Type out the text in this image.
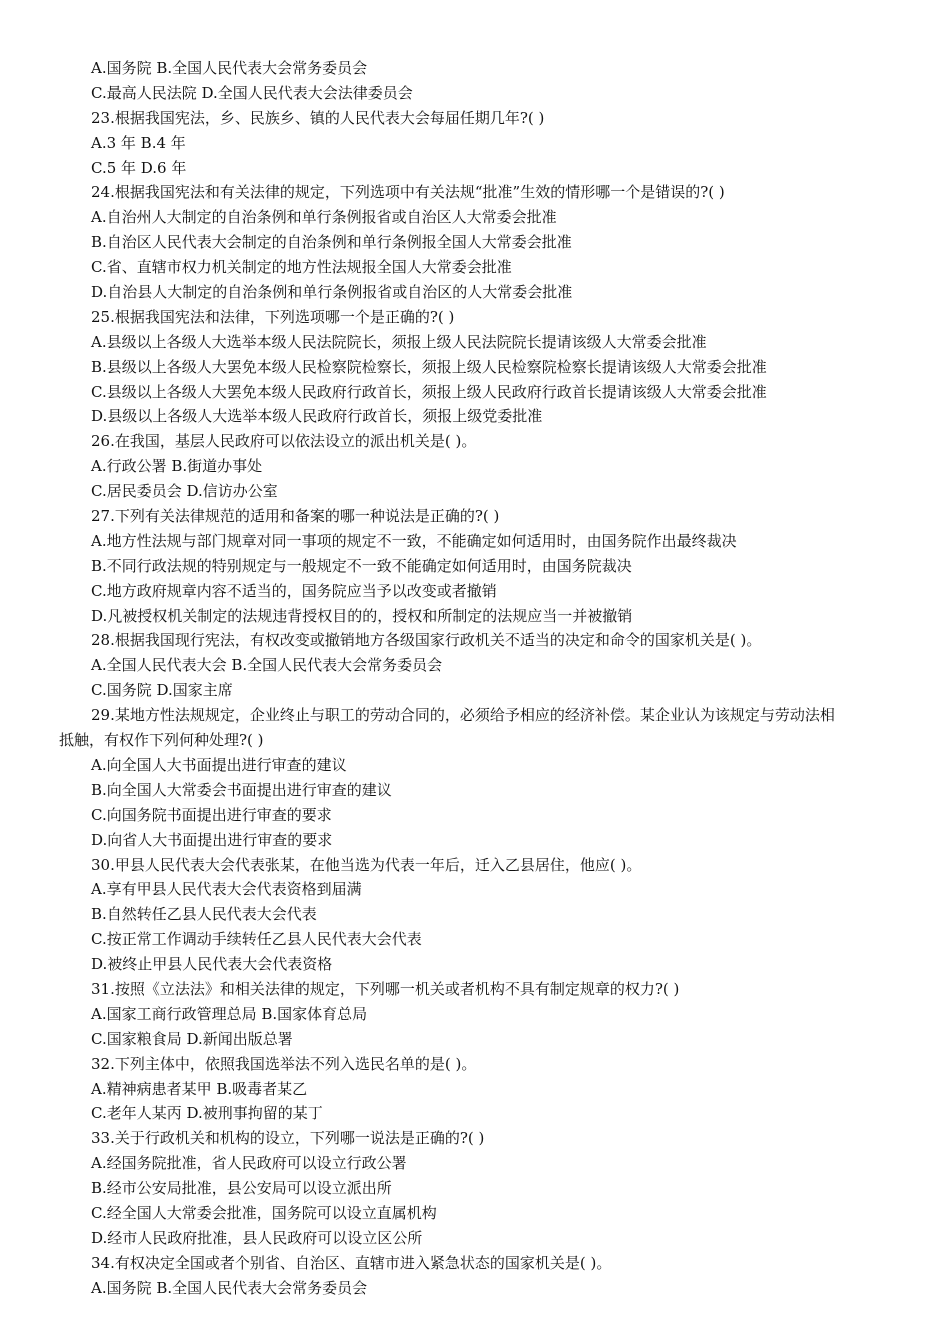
A.国务院 B.全国人民代表大会常务委员会
C.最高人民法院 D.全国人民代表大会法律委员会
23.根据我国宪法，乡、民族乡、镇的人民代表大会每届任期几年?( )
A.3 年 B.4 年
C.5 年 D.6 年
24.根据我国宪法和有关法律的规定，下列选项中有关法规“批准”生效的情形哪一个是错误的?( )
A.自治州人大制定的自治条例和单行条例报省或自治区人大常委会批准
B.自治区人民代表大会制定的自治条例和单行条例报全国人大常委会批准
C.省、直辖市权力机关制定的地方性法规报全国人大常委会批准
D.自治县人大制定的自治条例和单行条例报省或自治区的人大常委会批准
25.根据我国宪法和法律，下列选项哪一个是正确的?( )
A.县级以上各级人大选举本级人民法院院长，须报上级人民法院院长提请该级人大常委会批准
B.县级以上各级人大罢免本级人民检察院检察长，须报上级人民检察院检察长提请该级人大常委会批准
C.县级以上各级人大罢免本级人民政府行政首长，须报上级人民政府行政首长提请该级人大常委会批准
D.县级以上各级人大选举本级人民政府行政首长，须报上级党委批准
26.在我国，基层人民政府可以依法设立的派出机关是( )。
A.行政公署 B.街道办事处
C.居民委员会 D.信访办公室
27.下列有关法律规范的适用和备案的哪一种说法是正确的?( )
A.地方性法规与部门规章对同一事项的规定不一致，不能确定如何适用时，由国务院作出最终裁决
B.不同行政法规的特别规定与一般规定不一致不能确定如何适用时，由国务院裁决
C.地方政府规章内容不适当的，国务院应当予以改变或者撤销
D.凡被授权机关制定的法规违背授权目的的，授权和所制定的法规应当一并被撤销
28.根据我国现行宪法，有权改变或撤销地方各级国家行政机关不适当的决定和命令的国家机关是( )。
A.全国人民代表大会 B.全国人民代表大会常务委员会
C.国务院 D.国家主席
29.某地方性法规规定，企业终止与职工的劳动合同的，必须给予相应的经济补偿。某企业认为该规定与劳动法相
抵触，有权作下列何种处理?( )
A.向全国人大书面提出进行审查的建议
B.向全国人大常委会书面提出进行审查的建议
C.向国务院书面提出进行审查的要求
D.向省人大书面提出进行审查的要求
30.甲县人民代表大会代表张某，在他当选为代表一年后，迁入乙县居住，他应( )。
A.享有甲县人民代表大会代表资格到届满
B.自然转任乙县人民代表大会代表
C.按正常工作调动手续转任乙县人民代表大会代表
D.被终止甲县人民代表大会代表资格
31.按照《立法法》和相关法律的规定，下列哪一机关或者机构不具有制定规章的权力?( )
A.国家工商行政管理总局 B.国家体育总局
C.国家粮食局 D.新闻出版总署
32.下列主体中，依照我国选举法不列入选民名单的是( )。
A.精神病患者某甲 B.吸毒者某乙
C.老年人某丙 D.被刑事拘留的某丁
33.关于行政机关和机构的设立，下列哪一说法是正确的?( )
A.经国务院批准，省人民政府可以设立行政公署
B.经市公安局批准，县公安局可以设立派出所
C.经全国人大常委会批准，国务院可以设立直属机构
D.经市人民政府批准，县人民政府可以设立区公所
34.有权决定全国或者个别省、自治区、直辖市进入紧急状态的国家机关是( )。
A.国务院 B.全国人民代表大会常务委员会
